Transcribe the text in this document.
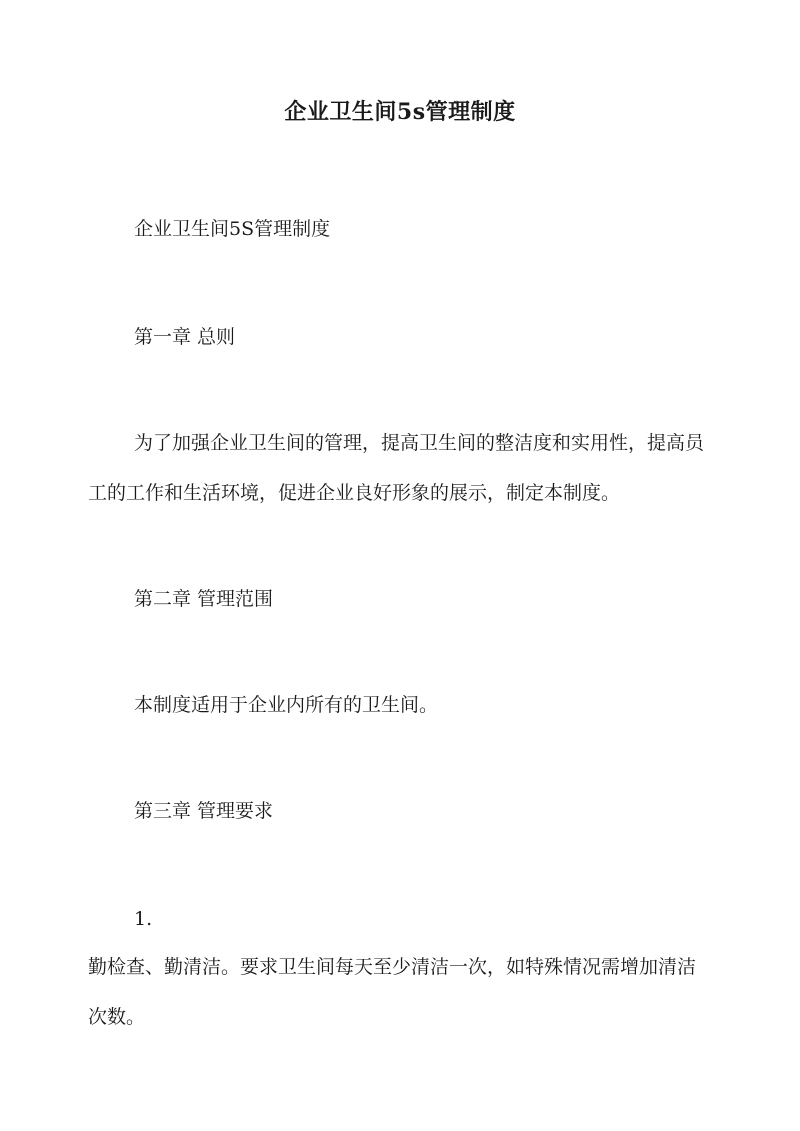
企业卫生间5s管理制度
企业卫生间5S管理制度
第一章 总则
为了加强企业卫生间的管理，提高卫生间的整洁度和实用性，提高员工的工作和生活环境，促进企业良好形象的展示，制定本制度。
第二章 管理范围
本制度适用于企业内所有的卫生间。
第三章 管理要求
1.
勤检查、勤清洁。要求卫生间每天至少清洁一次，如特殊情况需增加清洁次数。
